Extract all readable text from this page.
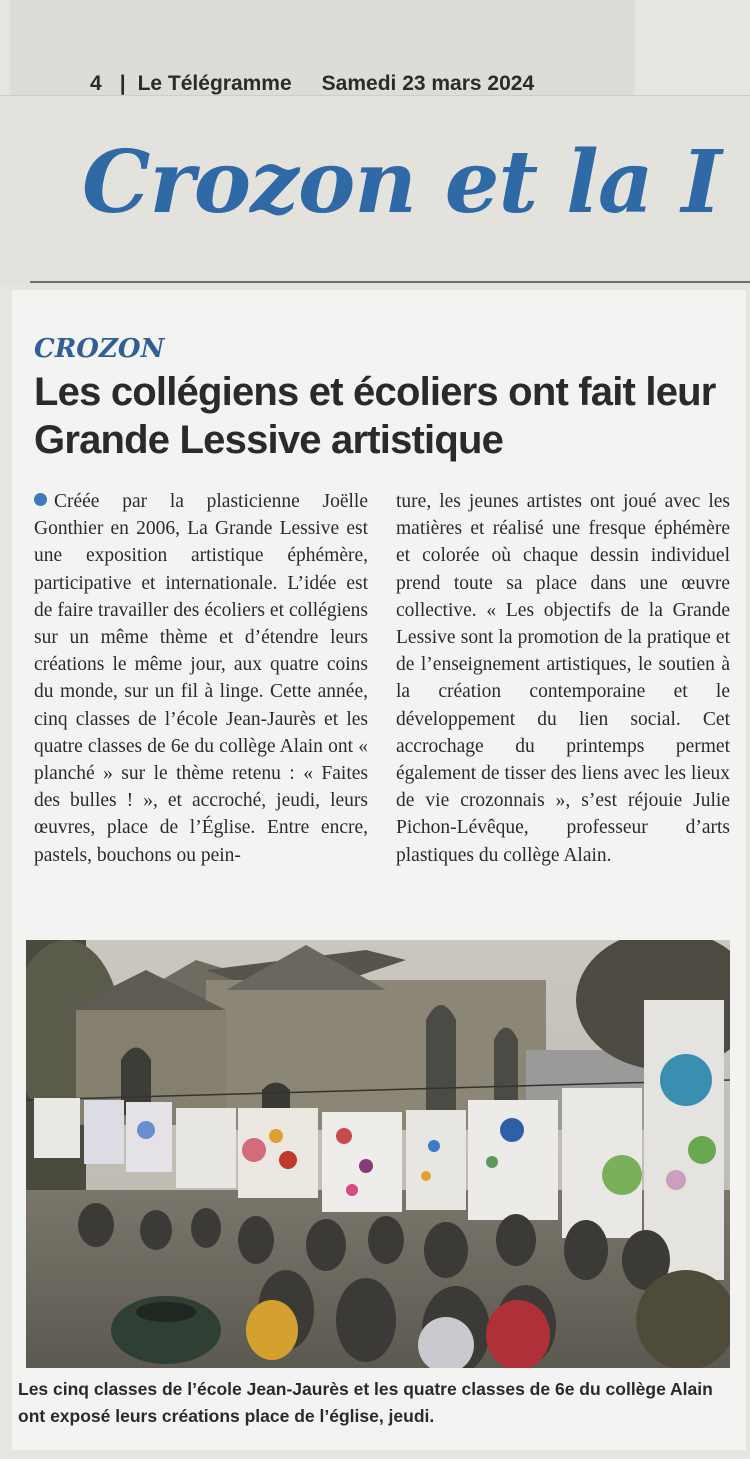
4 | Le Télégramme Samedi 23 mars 2024
Crozon et la I
CROZON
Les collégiens et écoliers ont fait leur Grande Lessive artistique
Créée par la plasticienne Joëlle Gonthier en 2006, La Grande Lessive est une exposition artistique éphémère, participative et internationale. L’idée est de faire travailler des écoliers et collégiens sur un même thème et d’étendre leurs créations le même jour, aux quatre coins du monde, sur un fil à linge. Cette année, cinq classes de l’école Jean-Jaurès et les quatre classes de 6e du collège Alain ont « planché » sur le thème retenu : « Faites des bulles ! », et accroché, jeudi, leurs œuvres, place de l’Église. Entre encre, pastels, bouchons ou pein-
ture, les jeunes artistes ont joué avec les matières et réalisé une fresque éphémère et colorée où chaque dessin individuel prend toute sa place dans une œuvre collective. « Les objectifs de la Grande Lessive sont la promotion de la pratique et de l’enseignement artistiques, le soutien à la création contemporaine et le développement du lien social. Cet accrochage du printemps permet également de tisser des liens avec les lieux de vie crozonnais », s’est réjouie Julie Pichon-Lévêque, professeur d’arts plastiques du collège Alain.
Les cinq classes de l’école Jean-Jaurès et les quatre classes de 6e du collège Alain ont exposé leurs créations place de l’église, jeudi.
